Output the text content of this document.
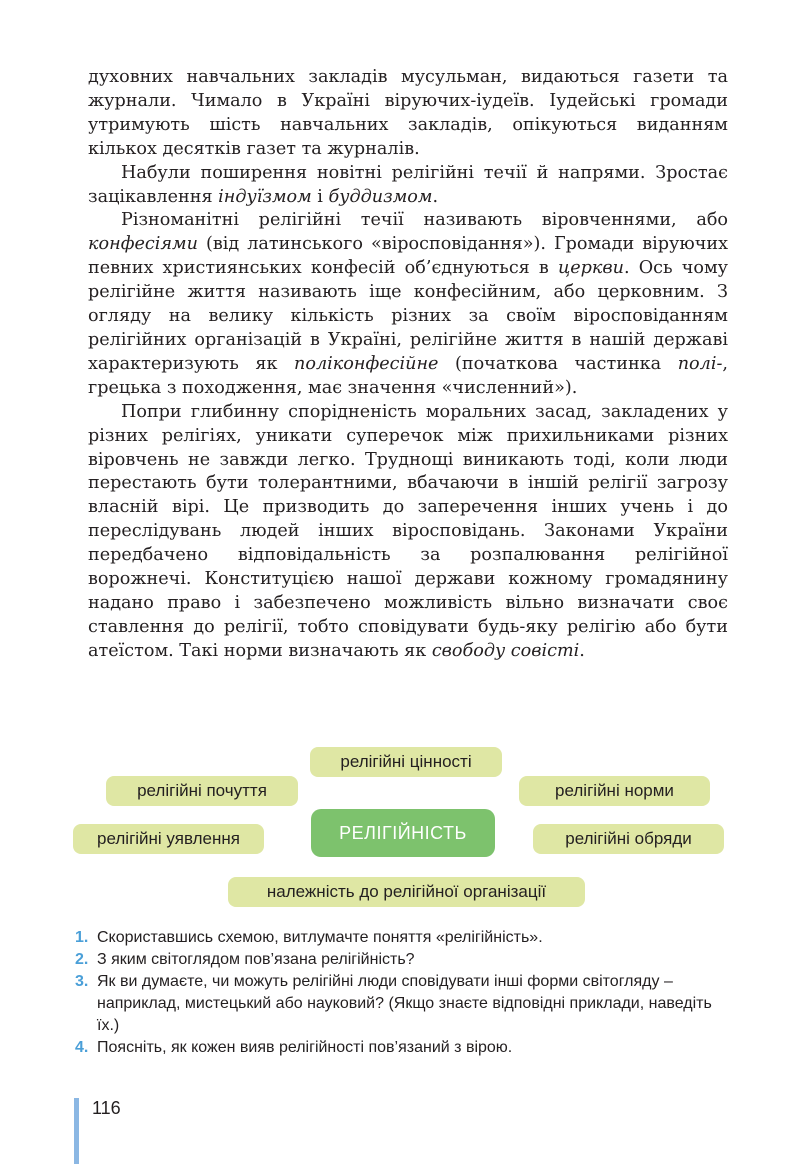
духовних навчальних закладів мусульман, видаються газети та журнали. Чимало в Україні віруючих-іудеїв. Іудейські громади утримують шість навчальних закладів, опікуються виданням кількох десятків газет та журналів.

Набули поширення новітні релігійні течії й напрями. Зростає зацікавлення індуїзмом і буддизмом.

Різноманітні релігійні течії називають віровченнями, або конфесіями (від латинського «віросповідання»). Громади віруючих певних християнських конфесій об’єднуються в церкви. Ось чому релігійне життя називають іще конфесійним, або церковним. З огляду на велику кількість різних за своїм віросповіданням релігійних організацій в Україні, релігійне життя в нашій державі характеризують як поліконфесійне (початкова частинка полі-, грецька з походження, має значення «численний»).

Попри глибинну спорідненість моральних засад, закладених у різних релігіях, уникати суперечок між прихильниками різних віровчень не завжди легко. Труднощі виникають тоді, коли люди перестають бути толерантними, вбачаючи в іншій релігії загрозу власній вірі. Це призводить до заперечення інших учень і до переслідувань людей інших віросповідань. Законами України передбачено відповідальність за розпалювання релігійної ворожнечі. Конституцією нашої держави кожному громадянину надано право і забезпечено можливість вільно визначати своє ставлення до релігії, тобто сповідувати будь-яку релігію або бути атеїстом. Такі норми визначають як свободу совісті.

релігійні цінності
релігійні почуття	релігійні норми
РЕЛІГІЙНІСТЬ
релігійні уявлення	релігійні обряди
належність до релігійної організації
1. Скориставшись схемою, витлумачте поняття «релігійність».
2. З яким світоглядом пов’язана релігійність?
3. Як ви думаєте, чи можуть релігійні люди сповідувати інші форми світогляду – наприклад, мистецький або науковий? (Якщо знаєте відповідні приклади, наведіть їх.)
4. Поясніть, як кожен вияв релігійності пов’язаний з вірою.
116
